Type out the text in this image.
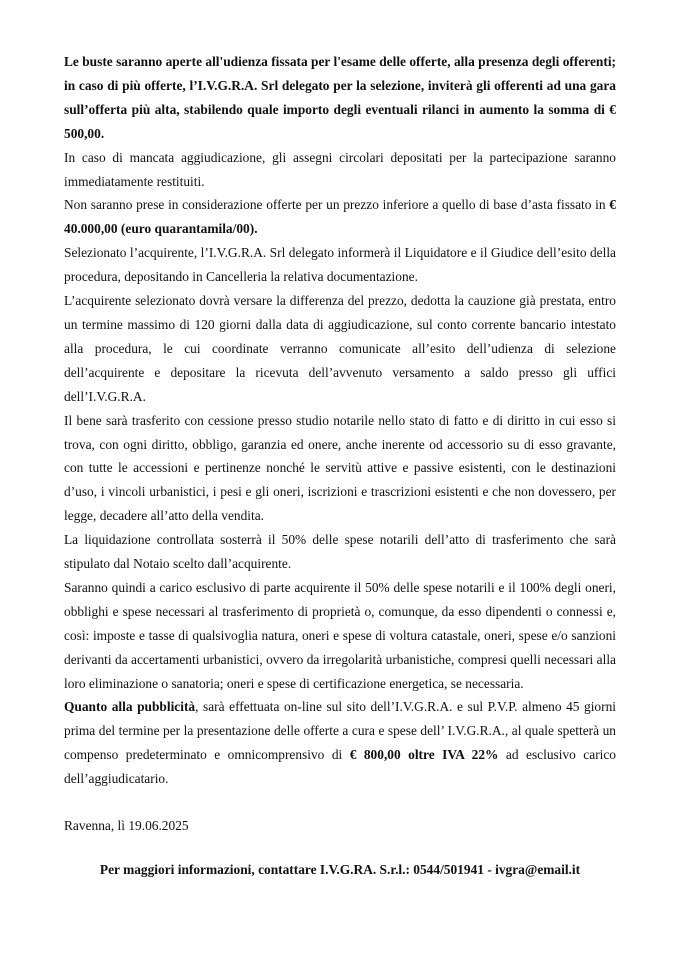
Le buste saranno aperte all'udienza fissata per l'esame delle offerte, alla presenza degli offerenti; in caso di più offerte, l’I.V.G.R.A. Srl delegato per la selezione, inviterà gli offerenti ad una gara sull’offerta più alta, stabilendo quale importo degli eventuali rilanci in aumento la somma di € 500,00.

In caso di mancata aggiudicazione, gli assegni circolari depositati per la partecipazione saranno immediatamente restituiti.

Non saranno prese in considerazione offerte per un prezzo inferiore a quello di base d’asta fissato in € 40.000,00 (euro quarantamila/00).

Selezionato l’acquirente, l’I.V.G.R.A. Srl delegato informerà il Liquidatore e il Giudice dell’esito della procedura, depositando in Cancelleria la relativa documentazione.

L’acquirente selezionato dovrà versare la differenza del prezzo, dedotta la cauzione già prestata, entro un termine massimo di 120 giorni dalla data di aggiudicazione, sul conto corrente bancario intestato alla procedura, le cui coordinate verranno comunicate all’esito dell’udienza di selezione dell’acquirente e depositare la ricevuta dell’avvenuto versamento a saldo presso gli uffici dell’I.V.G.R.A.

Il bene sarà trasferito con cessione presso studio notarile nello stato di fatto e di diritto in cui esso si trova, con ogni diritto, obbligo, garanzia ed onere, anche inerente od accessorio su di esso gravante, con tutte le accessioni e pertinenze nonché le servitù attive e passive esistenti, con le destinazioni d’uso, i vincoli urbanistici, i pesi e gli oneri, iscrizioni e trascrizioni esistenti e che non dovessero, per legge, decadere all’atto della vendita.

La liquidazione controllata sosterrà il 50% delle spese notarili dell’atto di trasferimento che sarà stipulato dal Notaio scelto dall’acquirente.

Saranno quindi a carico esclusivo di parte acquirente il 50% delle spese notarili e il 100% degli oneri, obblighi e spese necessari al trasferimento di proprietà o, comunque, da esso dipendenti o connessi e, così: imposte e tasse di qualsivoglia natura, oneri e spese di voltura catastale, oneri, spese e/o sanzioni derivanti da accertamenti urbanistici, ovvero da irregolarità urbanistiche, compresi quelli necessari alla loro eliminazione o sanatoria; oneri e spese di certificazione energetica, se necessaria.

Quanto alla pubblicità, sarà effettuata on-line sul sito dell’I.V.G.R.A. e sul P.V.P. almeno 45 giorni prima del termine per la presentazione delle offerte a cura e spese dell’ I.V.G.R.A., al quale spetterà un compenso predeterminato e omnicomprensivo di € 800,00 oltre IVA 22% ad esclusivo carico dell’aggiudicatario.

Ravenna, lì 19.06.2025
Per maggiori informazioni, contattare I.V.G.RA. S.r.l.: 0544/501941 - ivgra@email.it
